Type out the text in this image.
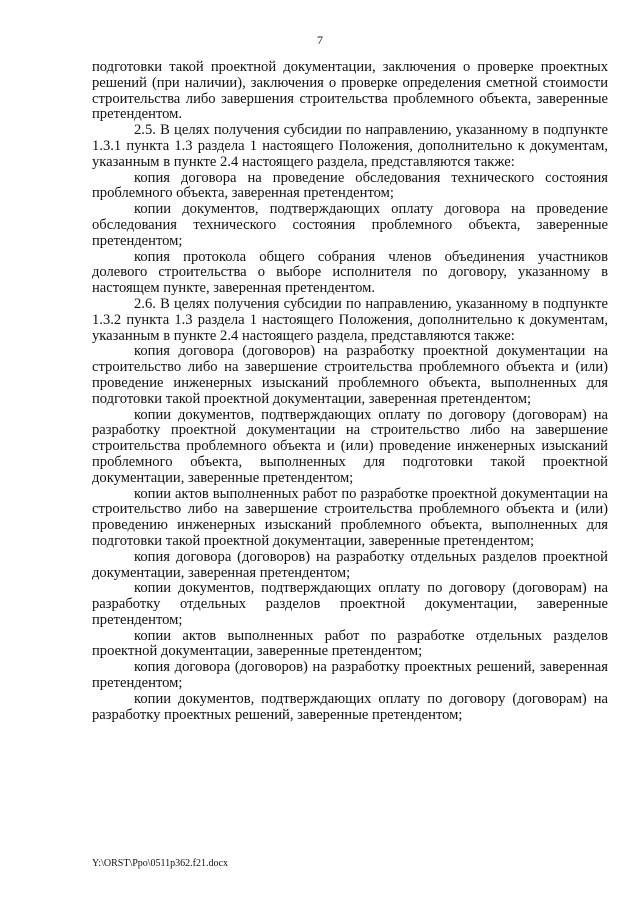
7

подготовки такой проектной документации, заключения о проверке проектных решений (при наличии), заключения о проверке определения сметной стоимости строительства либо завершения строительства проблемного объекта, заверенные претендентом.

2.5. В целях получения субсидии по направлению, указанному в подпункте 1.3.1 пункта 1.3 раздела 1 настоящего Положения, дополнительно к документам, указанным в пункте 2.4 настоящего раздела, представляются также:

копия договора на проведение обследования технического состояния проблемного объекта, заверенная претендентом;

копии документов, подтверждающих оплату договора на проведение обследования технического состояния проблемного объекта, заверенные претендентом;

копия протокола общего собрания членов объединения участников долевого строительства о выборе исполнителя по договору, указанному в настоящем пункте, заверенная претендентом.

2.6. В целях получения субсидии по направлению, указанному в подпункте 1.3.2 пункта 1.3 раздела 1 настоящего Положения, дополнительно к документам, указанным в пункте 2.4 настоящего раздела, представляются также:

копия договора (договоров) на разработку проектной документации на строительство либо на завершение строительства проблемного объекта и (или) проведение инженерных изысканий проблемного объекта, выполненных для подготовки такой проектной документации, заверенная претендентом;

копии документов, подтверждающих оплату по договору (договорам) на разработку проектной документации на строительство либо на завершение строительства проблемного объекта и (или) проведение инженерных изысканий проблемного объекта, выполненных для подготовки такой проектной документации, заверенные претендентом;

копии актов выполненных работ по разработке проектной документации на строительство либо на завершение строительства проблемного объекта и (или) проведению инженерных изысканий проблемного объекта, выполненных для подготовки такой проектной документации, заверенные претендентом;

копия договора (договоров) на разработку отдельных разделов проектной документации, заверенная претендентом;

копии документов, подтверждающих оплату по договору (договорам) на разработку отдельных разделов проектной документации, заверенные претендентом;

копии актов выполненных работ по разработке отдельных разделов проектной документации, заверенные претендентом;

копия договора (договоров) на разработку проектных решений, заверенная претендентом;

копии документов, подтверждающих оплату по договору (договорам) на разработку проектных решений, заверенные претендентом;

Y:\ORST\Ppo\0511p362.f21.docx
